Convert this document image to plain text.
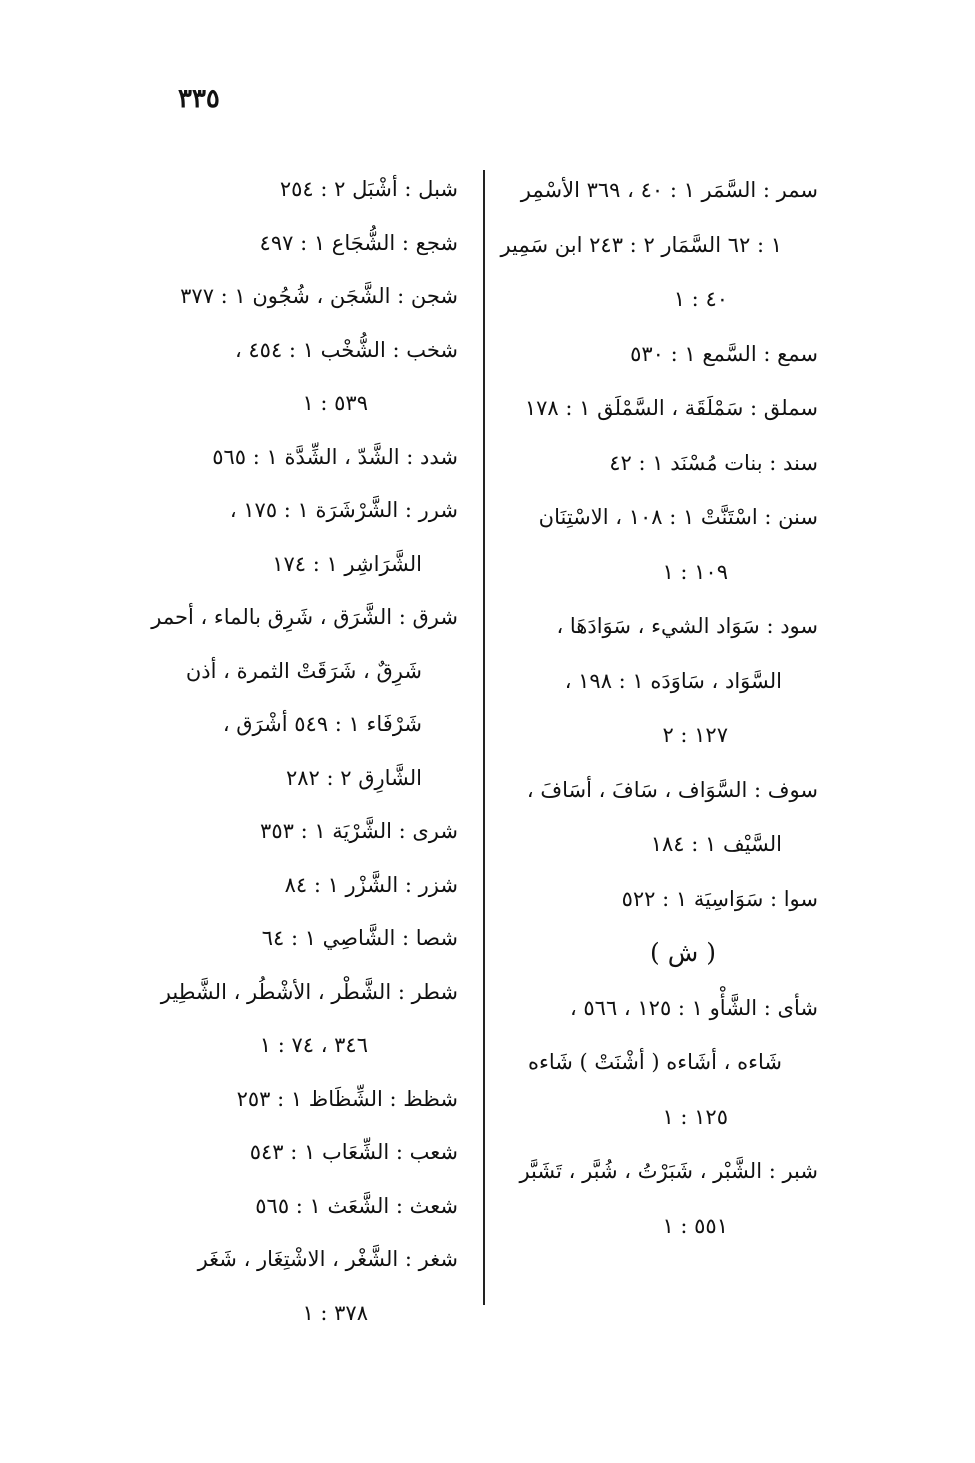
٣٣٥
سمر : السَّمَر ١ : ٤٠ ، ٣٦٩ الأسْمِر
١ : ٦٢ السَّمَار ٢ : ٢٤٣ ابن سَمِير
٤٠ : ١
سمع : السَّمع ١ : ٥٣٠
سملق : سَمْلَقَة ، السَّمْلَق ١ : ١٧٨
سند : بنات مُسْنَد ١ : ٤٢
سنن : اسْتَنَّتْ ١ : ١٠٨ ، الاسْتِنَان
١٠٩ : ١
سود : سَوَاد الشيء ، سَوَادَهَا ،
السَّوَاد ، سَاوَدَه ١ : ١٩٨ ،
١٢٧ : ٢
سوف : السَّوَاف ، سَافَ ، أسَافَ ،
السَّيْف ١ : ١٨٤
سوا : سَوَاسِيَة ١ : ٥٢٢
( ش )
شأى : الشَّأْو ١ : ١٢٥ ، ٥٦٦ ،
شَاءه ، أشَاءه ( أشْنَتْ ) شَاءه
١٢٥ : ١
شبر : الشَّبْر ، شَبَرْتُ ، شُبَّر ، تَشَبَّر
٥٥١ : ١
شبل : أشْبَل ٢ : ٢٥٤
شجع : الشُّجَاع ١ : ٤٩٧
شجن : الشَّجَن ، شُجُون ١ : ٣٧٧
شخب : الشُّخْب ١ : ٤٥٤ ،
٥٣٩ : ١
شدد : الشَّدّ ، الشِّدَّة ١ : ٥٦٥
شرر : الشَّرْشَرَة ١ : ١٧٥ ،
الشَّرَاشِر ١ : ١٧٤
شرق : الشَّرَق ، شَرِق بالماء ، أحمر
شَرِقٌ ، شَرَقَتْ الثمرة ، أذن
شَرْفَاء ١ : ٥٤٩ أشْرَق ،
الشَّارِق ٢ : ٢٨٢
شرى : الشَّرْيَة ١ : ٣٥٣
شزر : الشَّزْر ١ : ٨٤
شصا : الشَّاصِي ١ : ٦٤
شطر : الشَّطْر ، الأشْطُر ، الشَّطِير
٣٤٦ ، ٧٤ : ١
شظظ : الشِّظَاظ ١ : ٢٥٣
شعب : الشِّعَاب ١ : ٥٤٣
شعث : الشَّعَث ١ : ٥٦٥
شغر : الشَّغْر ، الاشْتِغَار ، شَغَر
٣٧٨ : ١
